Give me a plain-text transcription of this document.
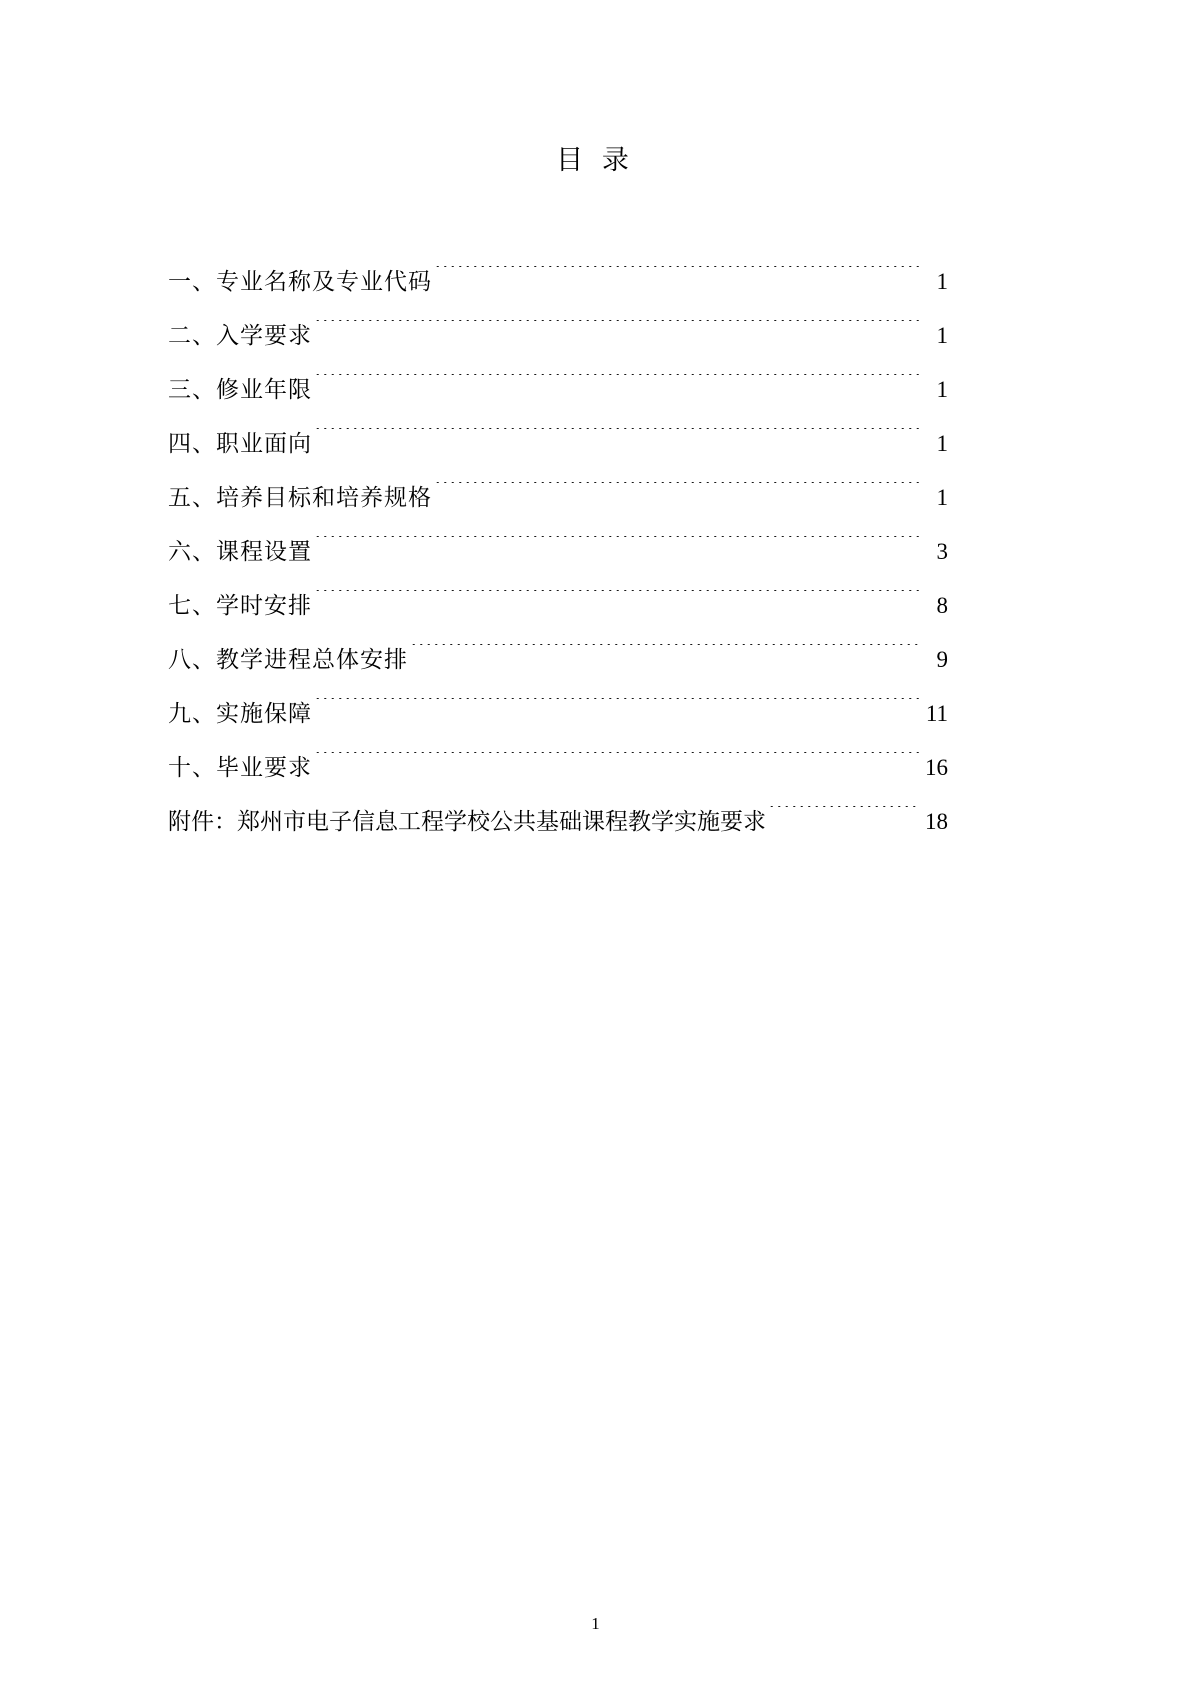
目 录
一、专业名称及专业代码 .....	1
二、入学要求 .....	1
三、修业年限 .....	1
四、职业面向 .....	1
五、培养目标和培养规格 .....	1
六、课程设置 .....	3
七、学时安排 .....	8
八、教学进程总体安排 .....	9
九、实施保障 .....	11
十、毕业要求 .....	16
附件：郑州市电子信息工程学校公共基础课程教学实施要求 .....	18
1
